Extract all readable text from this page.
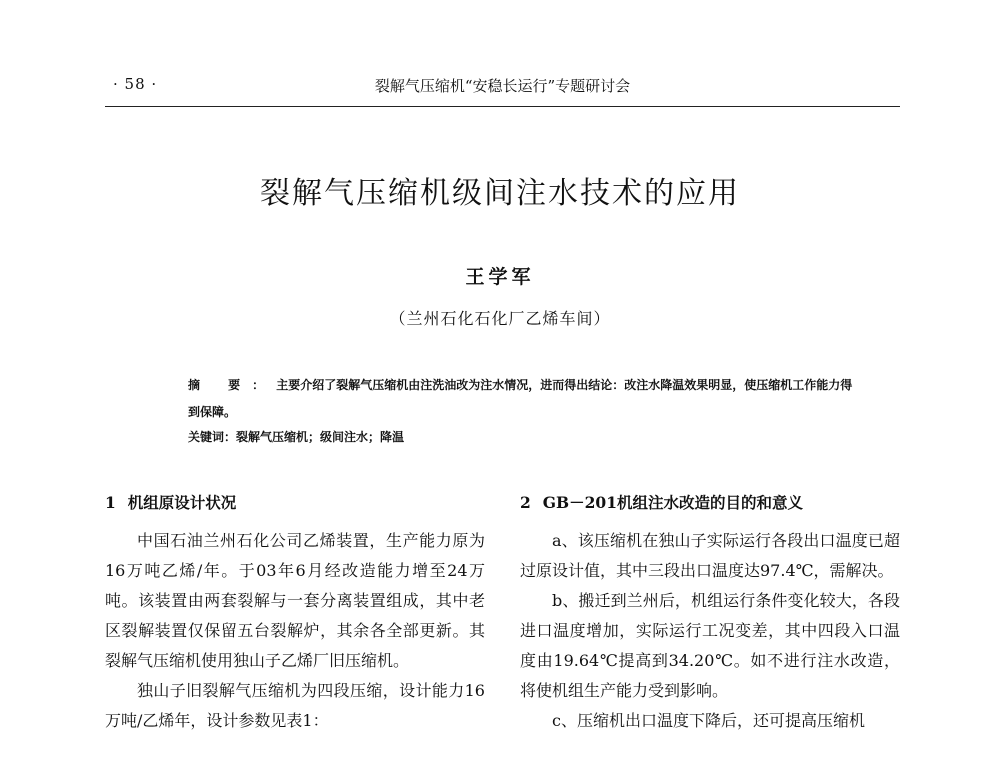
· 58 ·	裂解气压缩机“安稳长运行”专题研讨会
裂解气压缩机级间注水技术的应用
王学军
（兰州石化石化厂乙烯车间）
摘 要：主要介绍了裂解气压缩机由注洗油改为注水情况，进而得出结论：改注水降温效果明显，使压缩机工作能力得到保障。
关键词：裂解气压缩机；级间注水；降温
1 机组原设计状况

中国石油兰州石化公司乙烯装置，生产能力原为16万吨乙烯/年。于03年6月经改造能力增至24万吨。该装置由两套裂解与一套分离装置组成，其中老区裂解装置仅保留五台裂解炉，其余各全部更新。其裂解气压缩机使用独山子乙烯厂旧压缩机。

独山子旧裂解气压缩机为四段压缩，设计能力16万吨/乙烯年，设计参数见表1：

2 GB－201机组注水改造的目的和意义

a、该压缩机在独山子实际运行各段出口温度已超过原设计值，其中三段出口温度达97.4℃，需解决。

b、搬迁到兰州后，机组运行条件变化较大，各段进口温度增加，实际运行工况变差，其中四段入口温度由19.64℃提高到34.20℃。如不进行注水改造，将使机组生产能力受到影响。

c、压缩机出口温度下降后，还可提高压缩机
